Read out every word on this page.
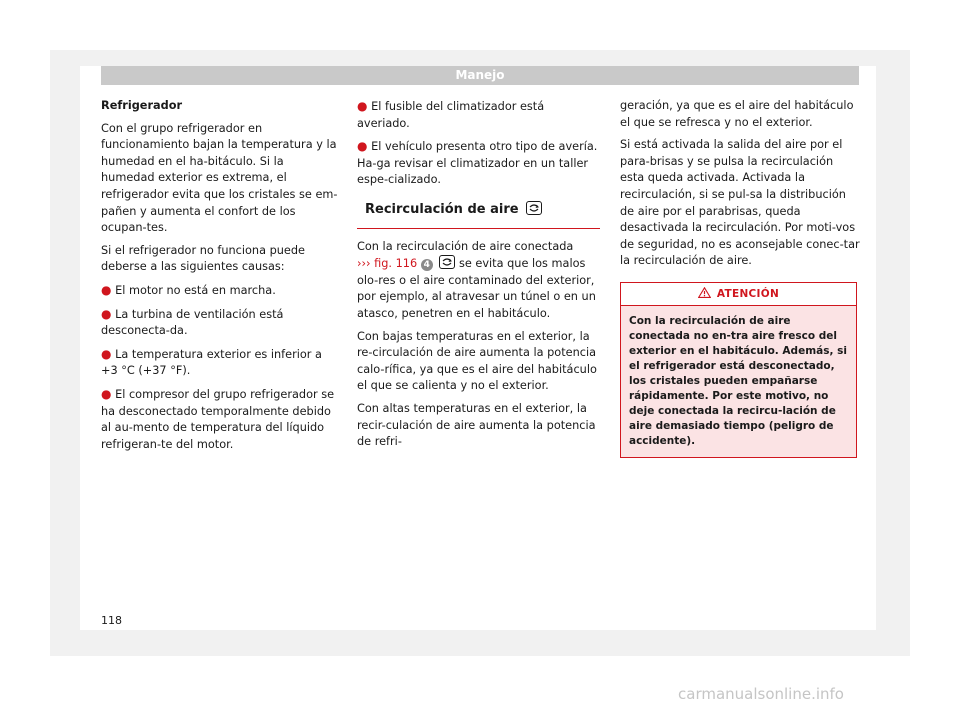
Manejo

Refrigerador

Con el grupo refrigerador en funcionamiento bajan la temperatura y la humedad en el ha-bitáculo. Si la humedad exterior es extrema, el refrigerador evita que los cristales se em-pañen y aumenta el confort de los ocupan-tes.

Si el refrigerador no funciona puede deberse a las siguientes causas:

● El motor no está en marcha.
● La turbina de ventilación está desconecta-da.
● La temperatura exterior es inferior a +3 °C (+37 °F).
● El compresor del grupo refrigerador se ha desconectado temporalmente debido al au-mento de temperatura del líquido refrigeran-te del motor.
● El fusible del climatizador está averiado.
● El vehículo presenta otro tipo de avería. Ha-ga revisar el climatizador en un taller espe-cializado.
Recirculación de aire

Con la recirculación de aire conectada
››› fig. 116 4	se evita que los malos olo-res o el aire contaminado del exterior, por ejemplo, al atravesar un túnel o en un atasco, penetren en el habitáculo.

Con bajas temperaturas en el exterior, la re-circulación de aire aumenta la potencia calo-rífica, ya que es el aire del habitáculo el que se calienta y no el exterior.

Con altas temperaturas en el exterior, la recir-culación de aire aumenta la potencia de refri-

geración, ya que es el aire del habitáculo el que se refresca y no el exterior.

Si está activada la salida del aire por el para-brisas y se pulsa la recirculación esta queda activada. Activada la recirculación, si se pul-sa la distribución de aire por el parabrisas, queda desactivada la recirculación. Por moti-vos de seguridad, no es aconsejable conec-tar la recirculación de aire.

ATENCIÓN
Con la recirculación de aire conectada no en-tra aire fresco del exterior en el habitáculo. Además, si el refrigerador está desconectado, los cristales pueden empañarse rápidamente. Por este motivo, no deje conectada la recircu-lación de aire demasiado tiempo (peligro de accidente).
118
carmanualsonline.info
